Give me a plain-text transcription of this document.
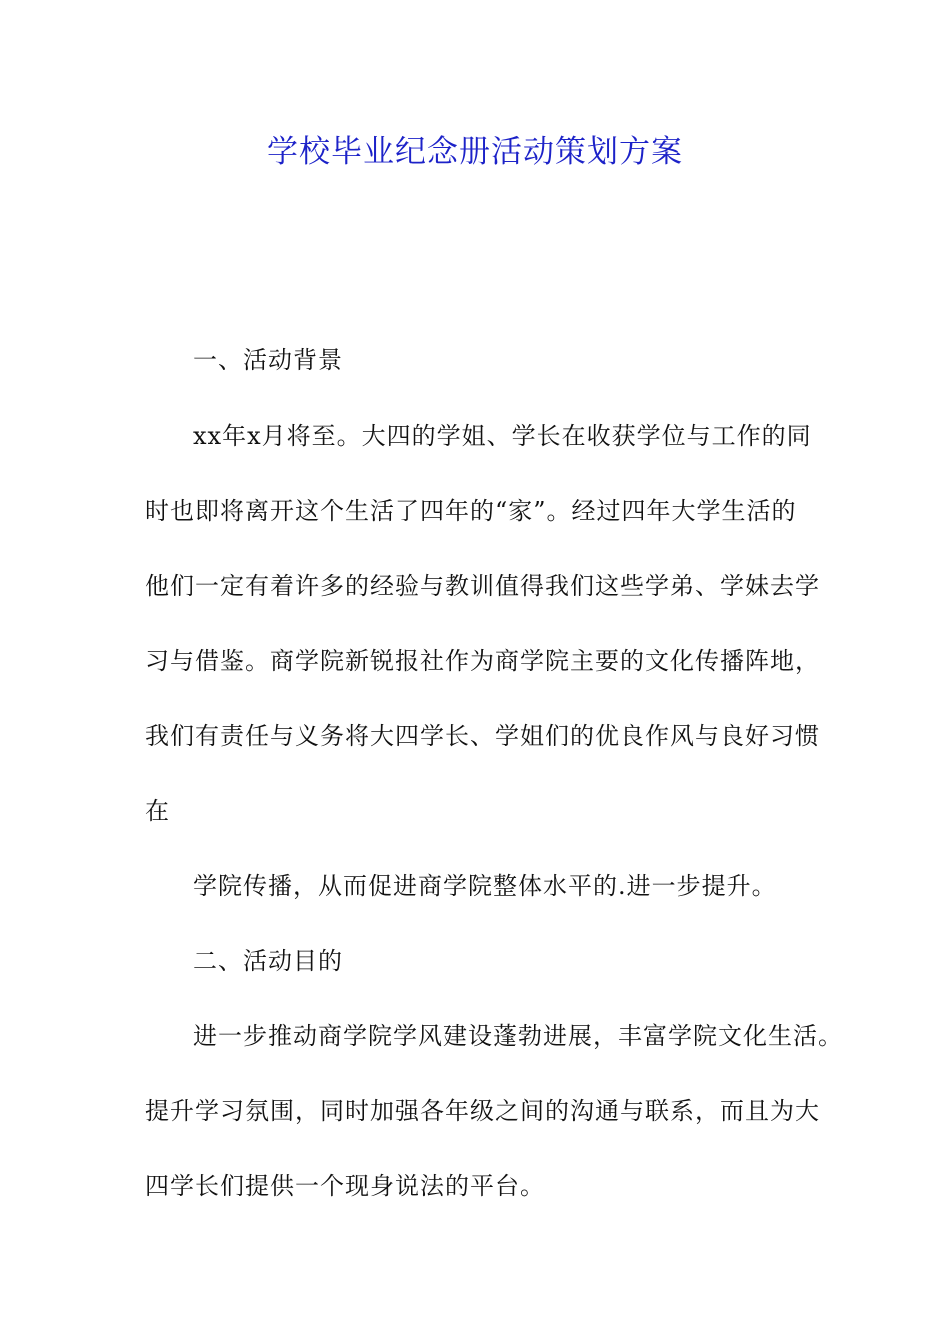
学校毕业纪念册活动策划方案

一、活动背景

xx年x月将至。大四的学姐、学长在收获学位与工作的同

时也即将离开这个生活了四年的“家”。经过四年大学生活的

他们一定有着许多的经验与教训值得我们这些学弟、学妹去学

习与借鉴。商学院新锐报社作为商学院主要的文化传播阵地，

我们有责任与义务将大四学长、学姐们的优良作风与良好习惯

在

学院传播，从而促进商学院整体水平的.进一步提升。

二、活动目的

进一步推动商学院学风建设蓬勃进展，丰富学院文化生活。

提升学习氛围，同时加强各年级之间的沟通与联系，而且为大

四学长们提供一个现身说法的平台。
